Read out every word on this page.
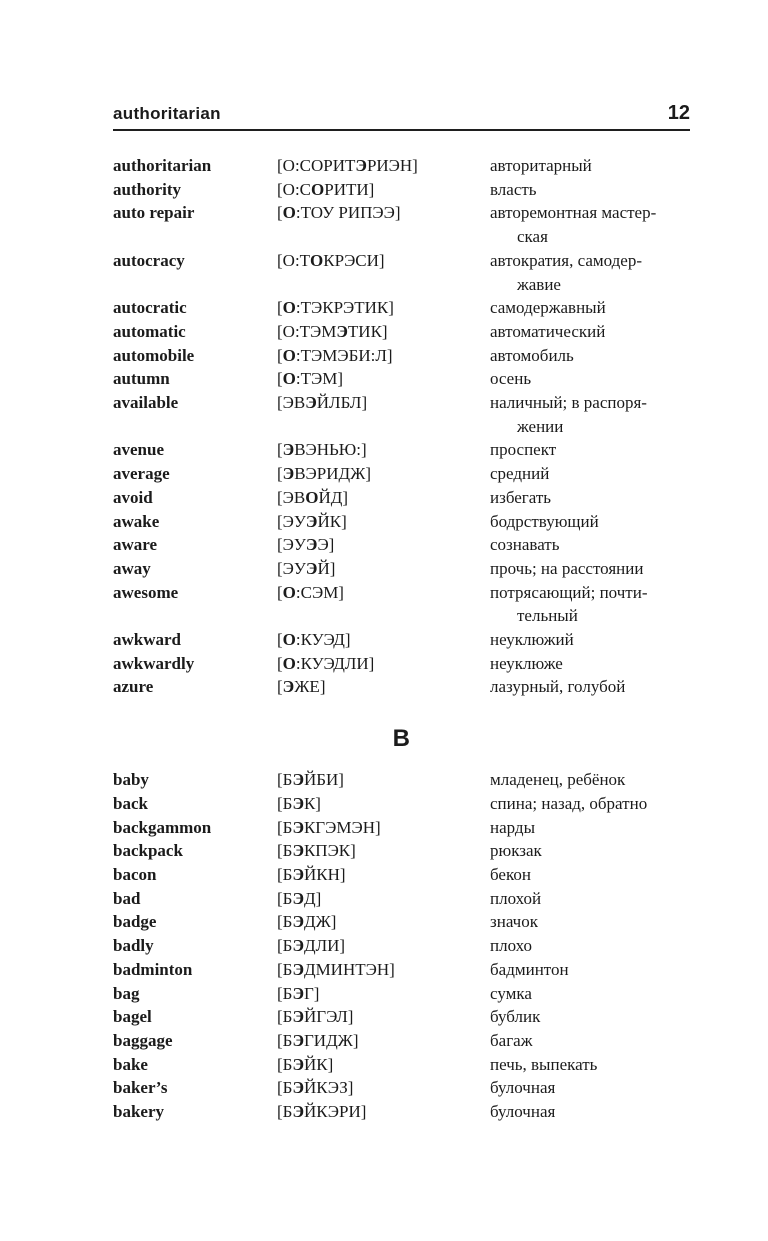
authoritarian	12
authoritarian	[О:СОРИТЭРИЭН]	авторитарный
authority	[О:СОРИТИ]	власть
auto repair	[О:ТОУ РИПЭЭ]	авторемонтная мастер-
ская
autocracy	[О:ТОКРЭСИ]	автократия, самодер-
жавие
autocratic	[О:ТЭКРЭТИК]	самодержавный
automatic	[О:ТЭМЭТИК]	автоматический
automobile	[О:ТЭМЭБИ:Л]	автомобиль
autumn	[О:ТЭМ]	осень
available	[ЭВЭЙЛБЛ]	наличный; в распоря-
жении
avenue	[ЭВЭНЬЮ:]	проспект
average	[ЭВЭРИДЖ]	средний
avoid	[ЭВОЙД]	избегать
awake	[ЭУЭЙК]	бодрствующий
aware	[ЭУЭЭ]	сознавать
away	[ЭУЭЙ]	прочь; на расстоянии
awesome	[О:СЭМ]	потрясающий; почти-
тельный
awkward	[О:КУЭД]	неуклюжий
awkwardly	[О:КУЭДЛИ]	неуклюже
azure	[ЭЖЕ]	лазурный, голубой
B
baby	[БЭЙБИ]	младенец, ребёнок
back	[БЭК]	спина; назад, обратно
backgammon	[БЭКГЭМЭН]	нарды
backpack	[БЭКПЭК]	рюкзак
bacon	[БЭЙКН]	бекон
bad	[БЭД]	плохой
badge	[БЭДЖ]	значок
badly	[БЭДЛИ]	плохо
badminton	[БЭДМИНТЭН]	бадминтон
bag	[БЭГ]	сумка
bagel	[БЭЙГЭЛ]	бублик
baggage	[БЭГИДЖ]	багаж
bake	[БЭЙК]	печь, выпекать
baker’s	[БЭЙКЭЗ]	булочная
bakery	[БЭЙКЭРИ]	булочная
